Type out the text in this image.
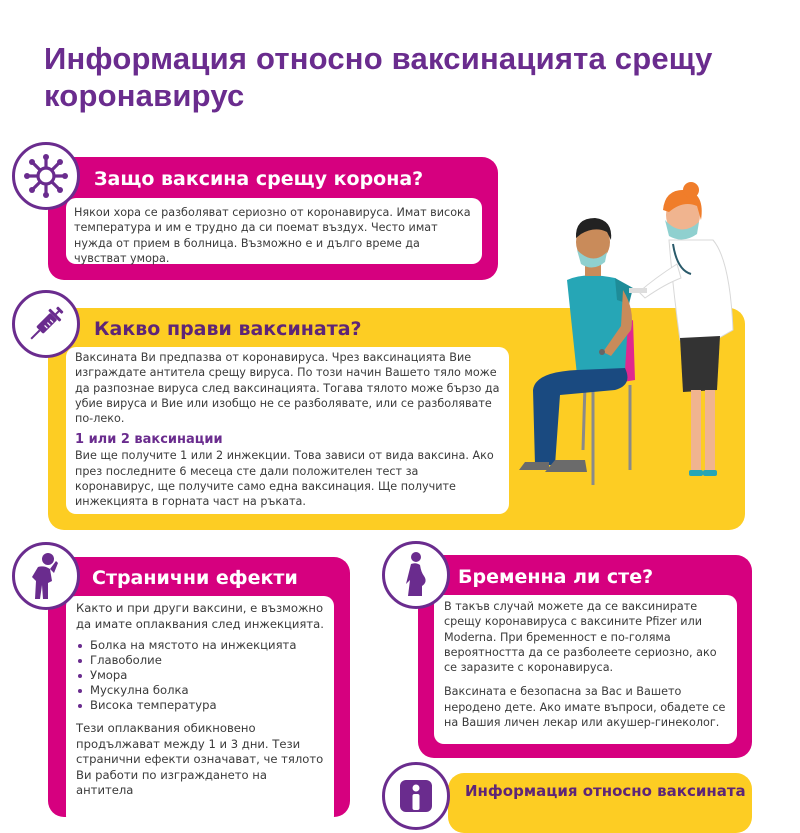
Информация относно ваксинацията срещу коронавирус
Защо ваксина срещу корона?

Някои хора се разболяват сериозно от коронавируса. Имат висока температура и им е трудно да си поемат въздух. Често имат нужда от прием в болница. Възможно е и дълго време да чувстват умора.

Какво прави ваксината?

Ваксината Ви предпазва от коронавируса. Чрез ваксинацията Вие изграждате антитела срещу вируса. По този начин Вашето тяло може да разпознае вируса след ваксинацията. Тогава тялото може бързо да убие вируса и Вие или изобщо не се разболявате, или се разболявате по-леко.

1 или 2 ваксинации

Вие ще получите 1 или 2 инжекции. Това зависи от вида ваксина. Ако през последните 6 месеца сте дали положителен тест за коронавирус, ще получите само една ваксинация. Ще получите инжекцията в горната част на ръката.

Странични ефекти

Както и при други ваксини, е възможно да имате оплаквания след инжекцията.

Болка на мястото на инжекцията
Главоболие
Умора
Мускулна болка
Висока температура

Тези оплаквания обикновено продължават между 1 и 3 дни. Тези странични ефекти означават, че тялото Ви работи по изграждането на антитела

Бременна ли сте?

В такъв случай можете да се ваксинирате срещу коронавируса с ваксините Pfizer или Moderna. При бременност е по-голяма вероятността да се разболеете сериозно, ако се заразите с коронавируса.

Ваксината е безопасна за Вас и Вашето неродено дете. Ако имате въпроси, обадете се на Вашия личен лекар или акушер-гинеколог.

Информация относно ваксината
